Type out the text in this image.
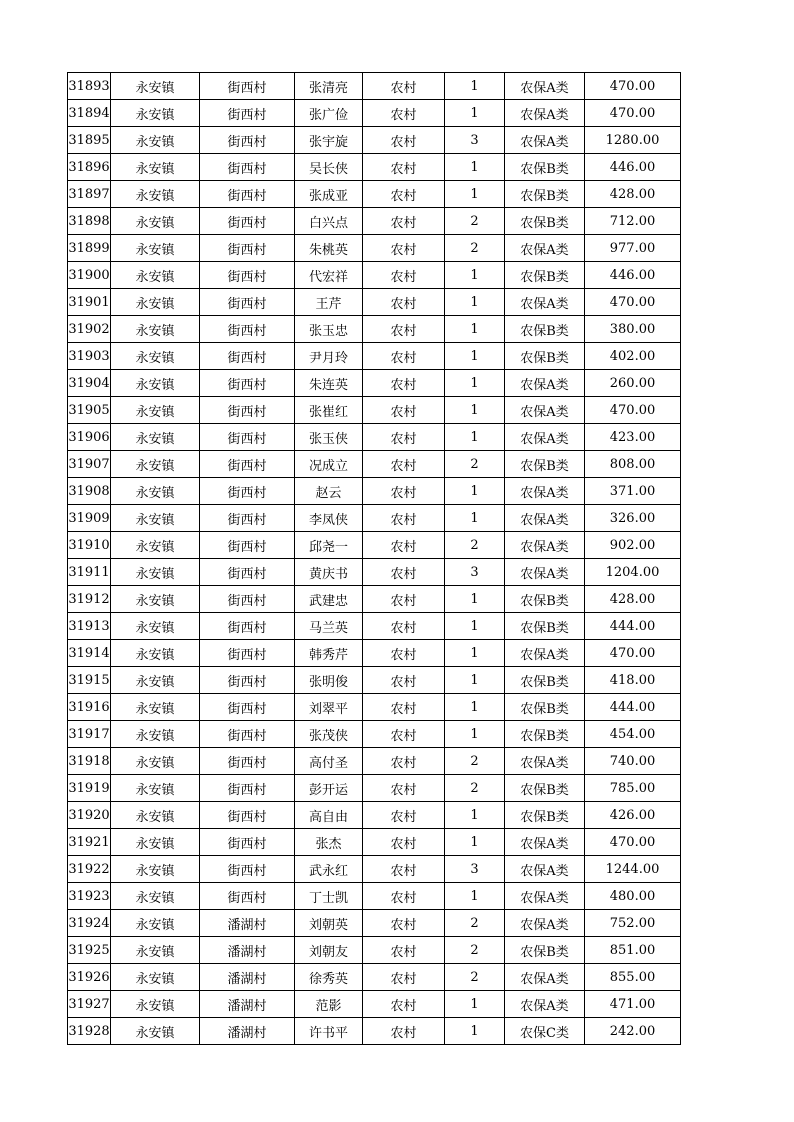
31893	永安镇	街西村	张清亮	农村	1	农保A类	470.00
31894	永安镇	街西村	张广俭	农村	1	农保A类	470.00
31895	永安镇	街西村	张宇旋	农村	3	农保A类	1280.00
31896	永安镇	街西村	吴长侠	农村	1	农保B类	446.00
31897	永安镇	街西村	张成亚	农村	1	农保B类	428.00
31898	永安镇	街西村	白兴点	农村	2	农保B类	712.00
31899	永安镇	街西村	朱桃英	农村	2	农保A类	977.00
31900	永安镇	街西村	代宏祥	农村	1	农保B类	446.00
31901	永安镇	街西村	王芹	农村	1	农保A类	470.00
31902	永安镇	街西村	张玉忠	农村	1	农保B类	380.00
31903	永安镇	街西村	尹月玲	农村	1	农保B类	402.00
31904	永安镇	街西村	朱连英	农村	1	农保A类	260.00
31905	永安镇	街西村	张崔红	农村	1	农保A类	470.00
31906	永安镇	街西村	张玉侠	农村	1	农保A类	423.00
31907	永安镇	街西村	况成立	农村	2	农保B类	808.00
31908	永安镇	街西村	赵云	农村	1	农保A类	371.00
31909	永安镇	街西村	李凤侠	农村	1	农保A类	326.00
31910	永安镇	街西村	邱尧一	农村	2	农保A类	902.00
31911	永安镇	街西村	黄庆书	农村	3	农保A类	1204.00
31912	永安镇	街西村	武建忠	农村	1	农保B类	428.00
31913	永安镇	街西村	马兰英	农村	1	农保B类	444.00
31914	永安镇	街西村	韩秀芹	农村	1	农保A类	470.00
31915	永安镇	街西村	张明俊	农村	1	农保B类	418.00
31916	永安镇	街西村	刘翠平	农村	1	农保B类	444.00
31917	永安镇	街西村	张茂侠	农村	1	农保B类	454.00
31918	永安镇	街西村	高付圣	农村	2	农保A类	740.00
31919	永安镇	街西村	彭开运	农村	2	农保B类	785.00
31920	永安镇	街西村	高自由	农村	1	农保B类	426.00
31921	永安镇	街西村	张杰	农村	1	农保A类	470.00
31922	永安镇	街西村	武永红	农村	3	农保A类	1244.00
31923	永安镇	街西村	丁士凯	农村	1	农保A类	480.00
31924	永安镇	潘湖村	刘朝英	农村	2	农保A类	752.00
31925	永安镇	潘湖村	刘朝友	农村	2	农保B类	851.00
31926	永安镇	潘湖村	徐秀英	农村	2	农保A类	855.00
31927	永安镇	潘湖村	范影	农村	1	农保A类	471.00
31928	永安镇	潘湖村	许书平	农村	1	农保C类	242.00
